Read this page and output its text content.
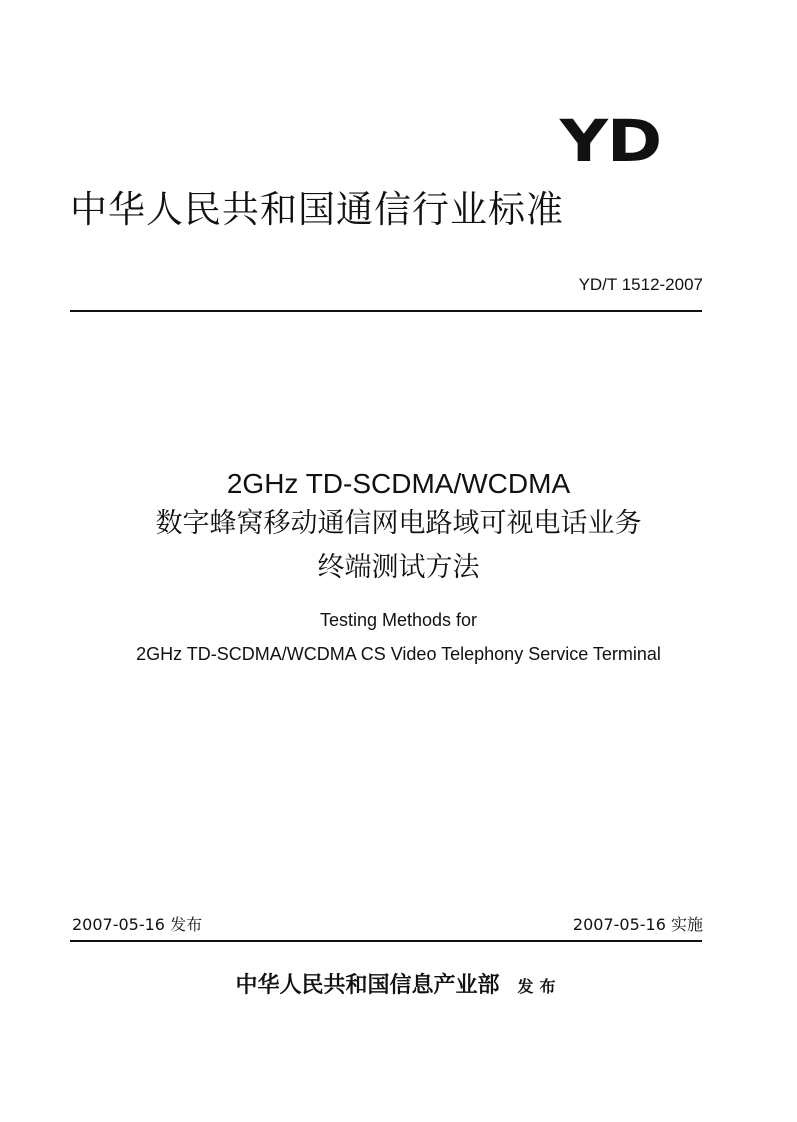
YD
中华人民共和国通信行业标准
YD/T 1512-2007
2GHz TD-SCDMA/WCDMA
数字蜂窝移动通信网电路域可视电话业务
终端测试方法
Testing Methods for
2GHz TD-SCDMA/WCDMA CS Video Telephony Service Terminal
2007-05-16 发布	2007-05-16 实施
中华人民共和国信息产业部 发布
